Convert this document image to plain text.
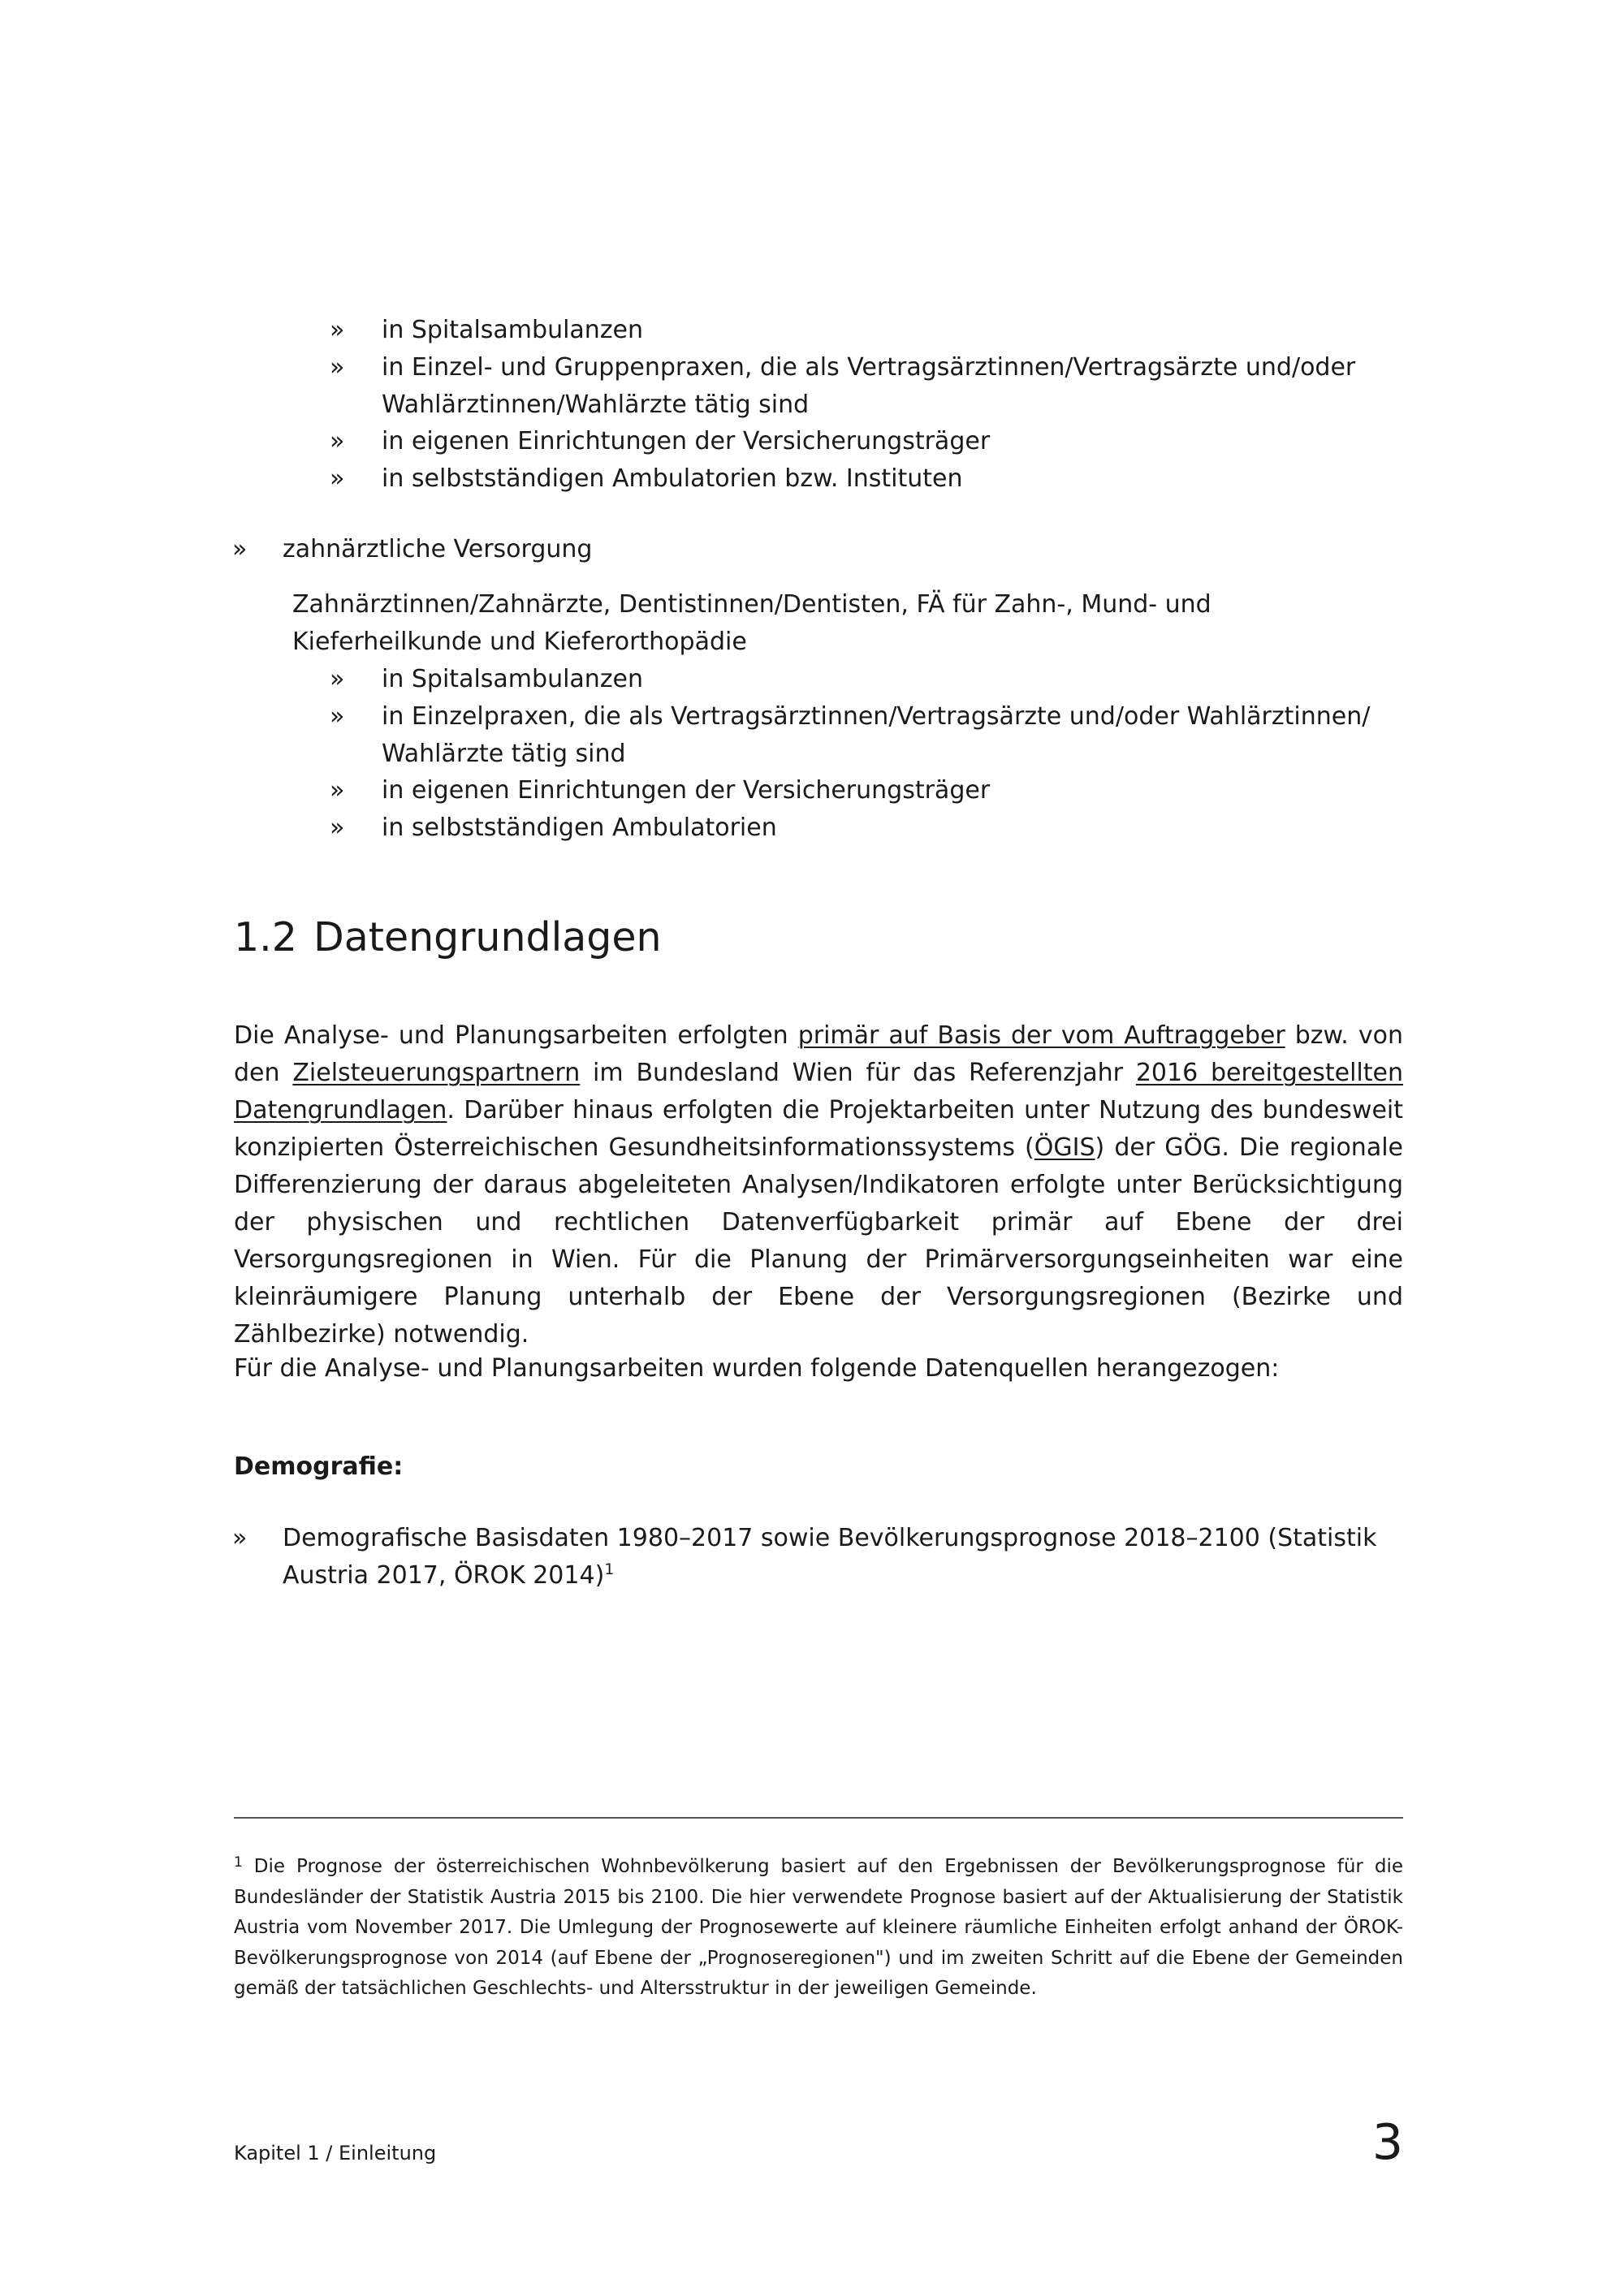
» in Spitalsambulanzen
» in Einzel- und Gruppenpraxen, die als Vertragsärztinnen/Vertragsärzte und/oder Wahlärztinnen/Wahlärzte tätig sind
» in eigenen Einrichtungen der Versicherungsträger
» in selbstständigen Ambulatorien bzw. Instituten
» zahnärztliche Versorgung

Zahnärztinnen/Zahnärzte, Dentistinnen/Dentisten, FÄ für Zahn-, Mund- und Kieferheilkunde und Kieferorthopädie

» in Spitalsambulanzen
» in Einzelpraxen, die als Vertragsärztinnen/Vertragsärzte und/oder Wahlärztinnen/ Wahlärzte tätig sind
» in eigenen Einrichtungen der Versicherungsträger
» in selbstständigen Ambulatorien
1.2 Datengrundlagen

Die Analyse- und Planungsarbeiten erfolgten primär auf Basis der vom Auftraggeber bzw. von den Zielsteuerungspartnern im Bundesland Wien für das Referenzjahr 2016 bereitgestellten Datengrundlagen. Darüber hinaus erfolgten die Projektarbeiten unter Nutzung des bundesweit konzipierten Österreichischen Gesundheitsinformationssystems (ÖGIS) der GÖG. Die regionale Differenzierung der daraus abgeleiteten Analysen/Indikatoren erfolgte unter Berücksichtigung der physischen und rechtlichen Datenverfügbarkeit primär auf Ebene der drei Versorgungsregionen in Wien. Für die Planung der Primärversorgungseinheiten war eine kleinräumigere Planung unterhalb der Ebene der Versorgungsregionen (Bezirke und Zählbezirke) notwendig.

Für die Analyse- und Planungsarbeiten wurden folgende Datenquellen herangezogen:

Demografie:

» Demografische Basisdaten 1980–2017 sowie Bevölkerungsprognose 2018–2100 (Statistik Austria 2017, ÖROK 2014)$^1$

$^1$ Die Prognose der österreichischen Wohnbevölkerung basiert auf den Ergebnissen der Bevölkerungsprognose für die Bundesländer der Statistik Austria 2015 bis 2100. Die hier verwendete Prognose basiert auf der Aktualisierung der Statistik Austria vom November 2017. Die Umlegung der Prognosewerte auf kleinere räumliche Einheiten erfolgt anhand der ÖROK-Bevölkerungsprognose von 2014 (auf Ebene der „Prognoseregionen") und im zweiten Schritt auf die Ebene der Gemeinden gemäß der tatsächlichen Geschlechts- und Altersstruktur in der jeweiligen Gemeinde.

Kapitel 1 / Einleitung	3
